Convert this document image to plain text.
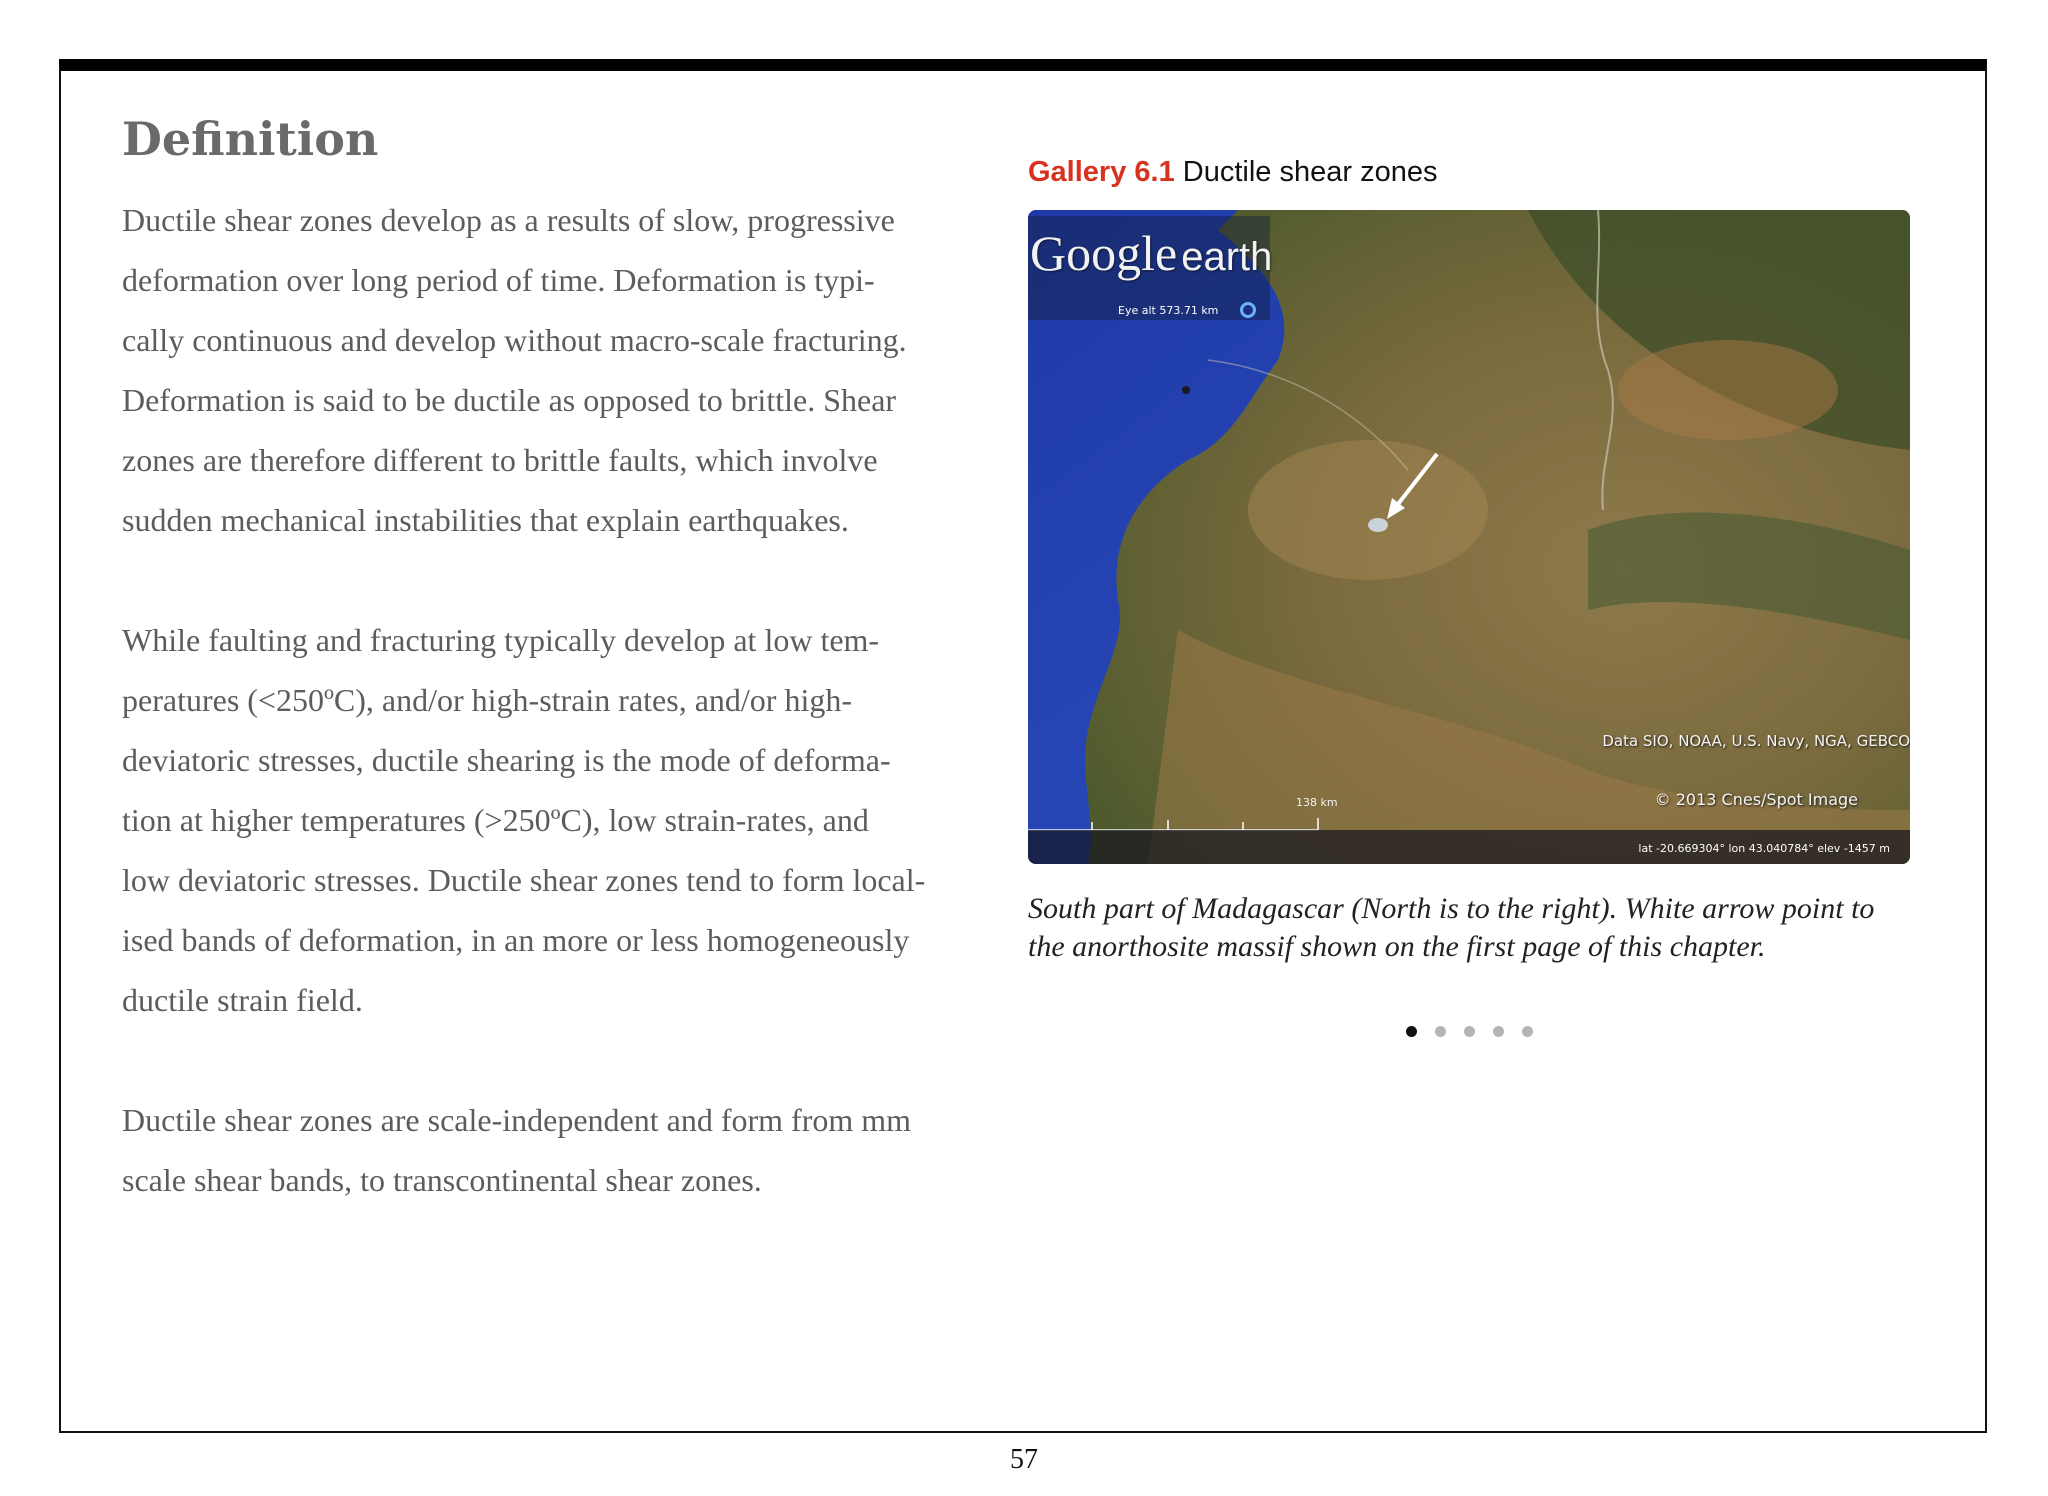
Definition

Ductile shear zones develop as a results of slow, progressive
deformation over long period of time. Deformation is typi-
cally continuous and develop without macro-scale fracturing.
Deformation is said to be ductile as opposed to brittle. Shear
zones are therefore different to brittle faults, which involve
sudden mechanical instabilities that explain earthquakes.

While faulting and fracturing typically develop at low tem-
peratures (<250ºC), and/or high-strain rates, and/or high-
deviatoric stresses, ductile shearing is the mode of deforma-
tion at higher temperatures (>250ºC), low strain-rates, and
low deviatoric stresses. Ductile shear zones tend to form local-
ised bands of deformation, in an more or less homogeneously
ductile strain field.

Ductile shear zones are scale-independent and form from mm
scale shear bands, to transcontinental shear zones.

Gallery 6.1 Ductile shear zones
Google earth
Eye alt 573.71 km
Data SIO, NOAA, U.S. Navy, NGA, GEBCO
© 2013 Cnes/Spot Image
138 km
lat -20.669304° lon 43.040784° elev -1457 m
South part of Madagascar (North is to the right). White arrow point to the anorthosite massif shown on the first page of this chapter.
57
